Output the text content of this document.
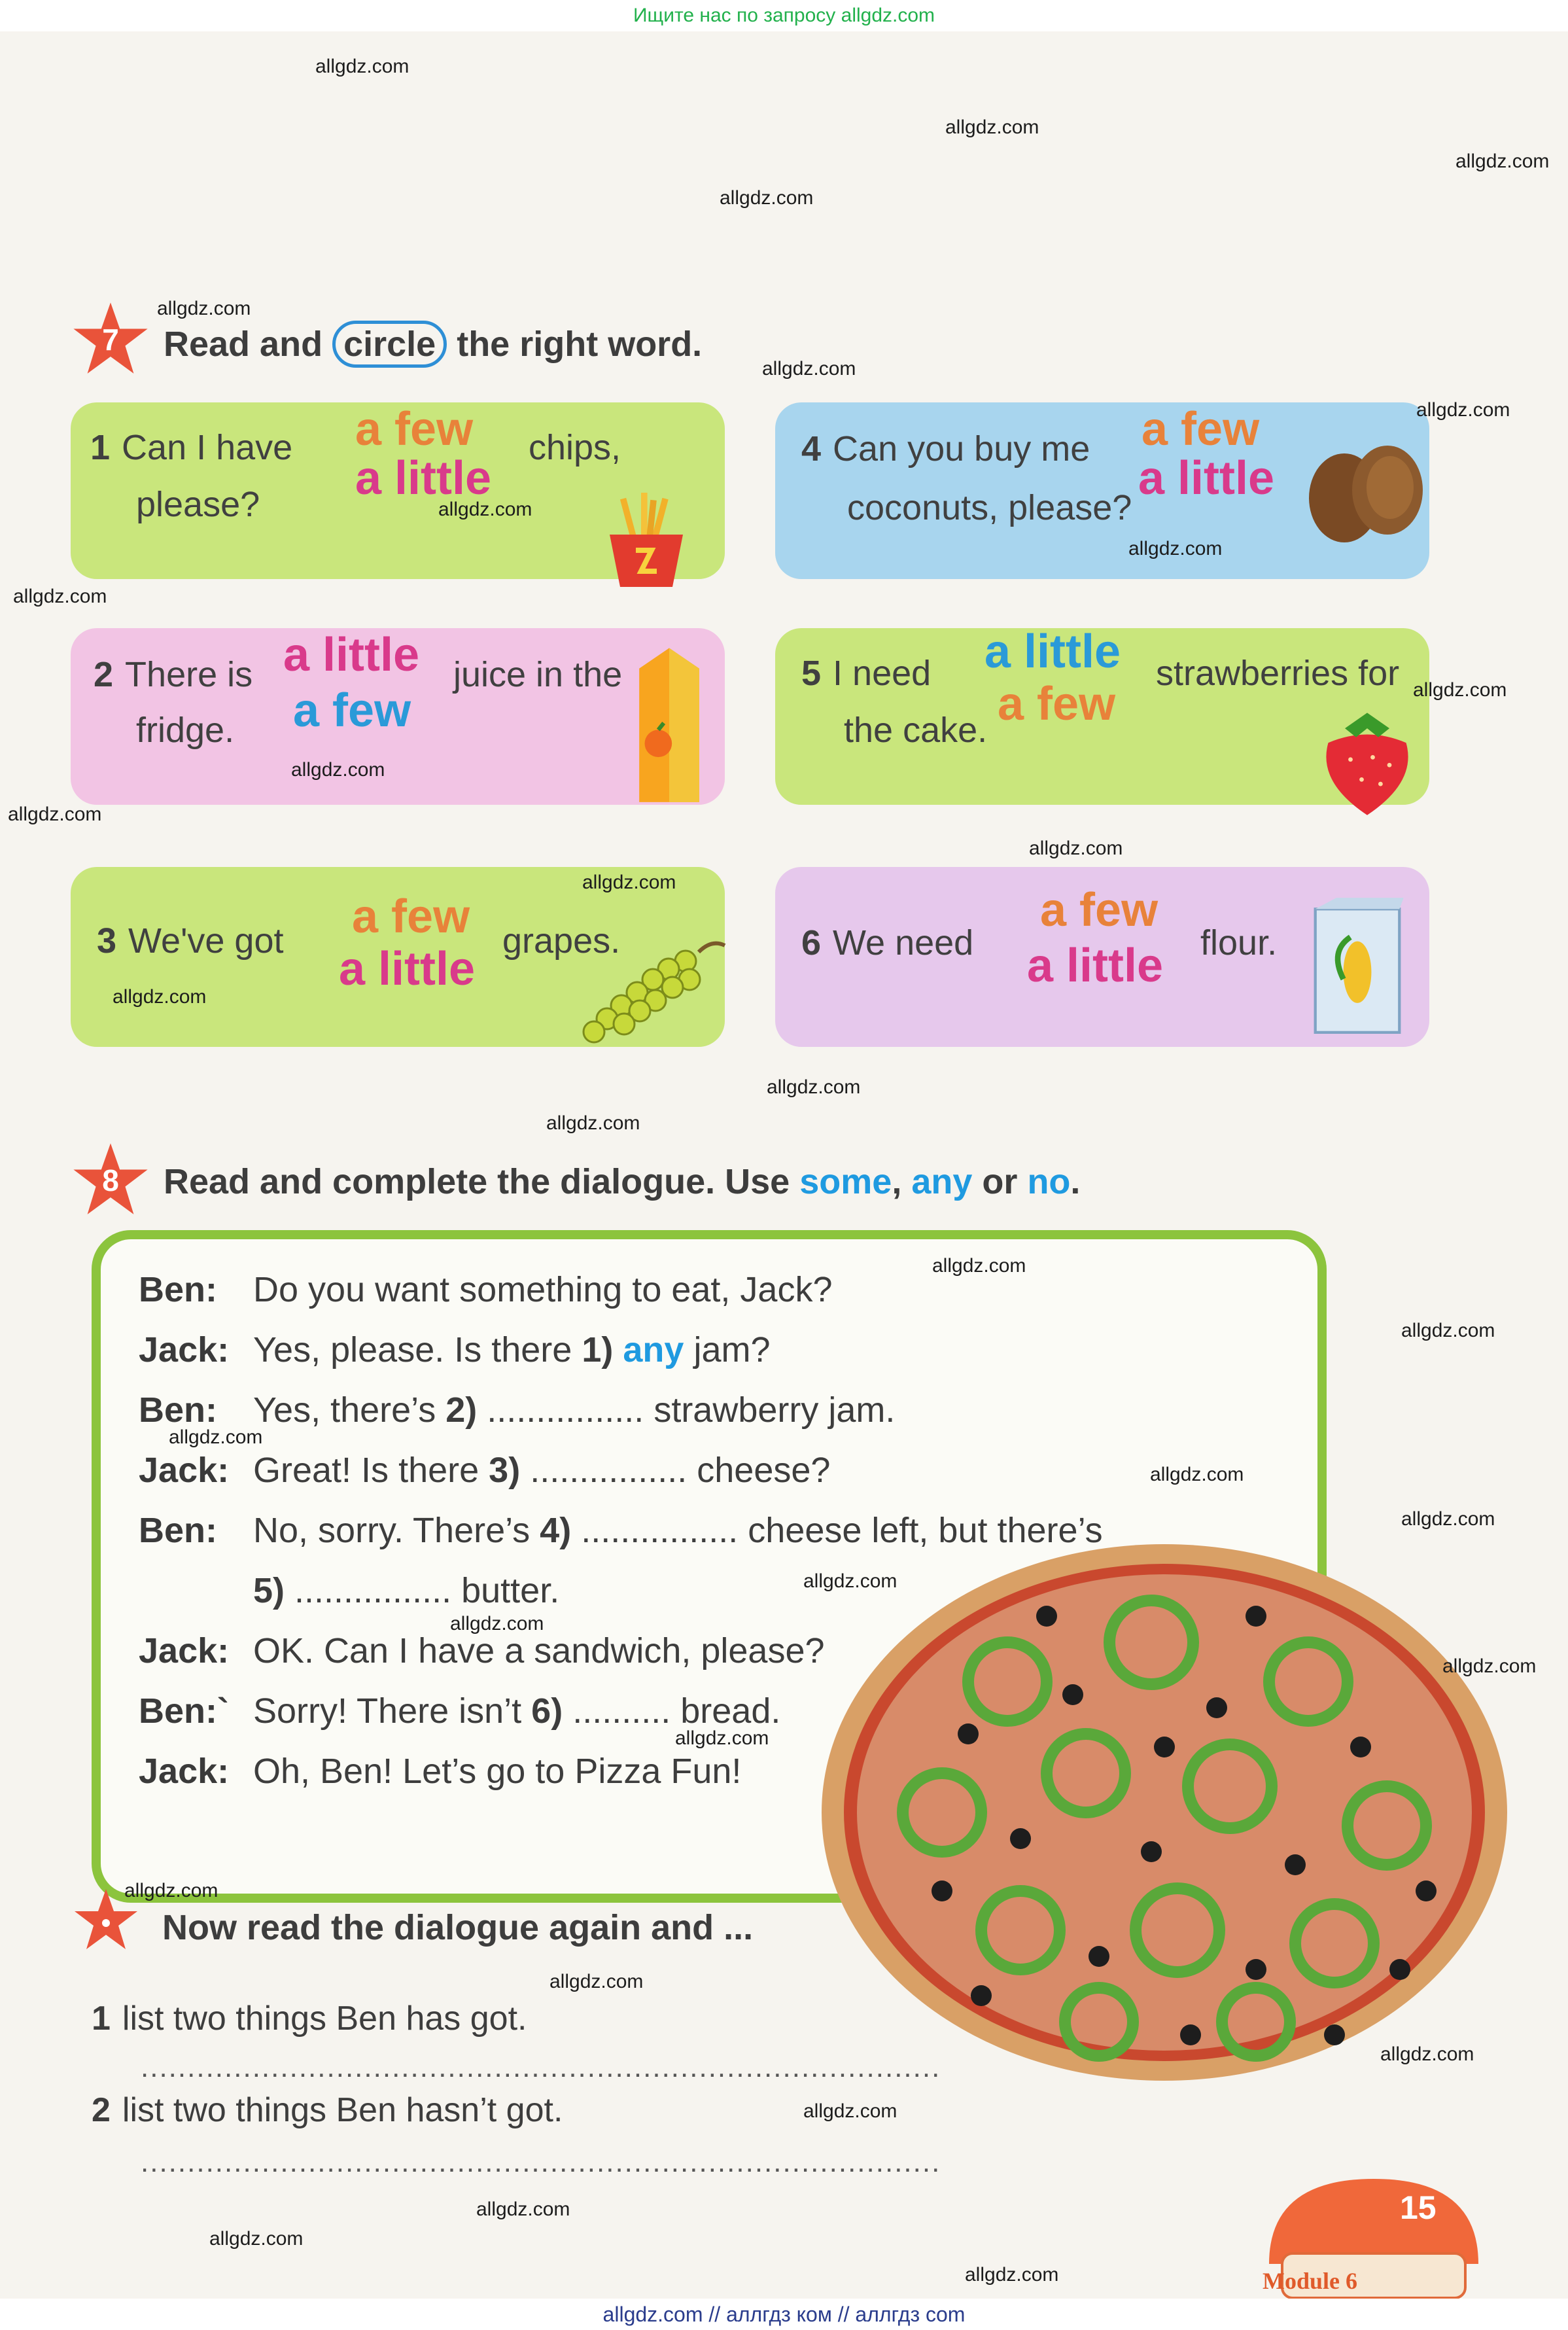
Ищите нас по запросу allgdz.com
7	Read and circle the right word.
1 Can I have
please?
chips,
a few
a little
2 There is
fridge.
juice in the
a little
a few
3 We've got	grapes.
a few
a little
4 Can you buy me
coconuts, please?
a few
a little
5 I need
the cake.
strawberries for
a little
a few
6 We need	flour.
a few
a little
8	Read and complete the dialogue. Use some, any or no.
Ben: Do you want something to eat, Jack?
Jack: Yes, please. Is there 1) any jam?
Ben: Yes, there’s 2) ................ strawberry jam.
Jack: Great! Is there 3) ................ cheese?
Ben: No, sorry. There’s 4) ................ cheese left, but there’s
5) ................ butter.
Jack: OK. Can I have a sandwich, please?
Ben:` Sorry! There isn’t 6) .......... bread.
Jack: Oh, Ben! Let’s go to Pizza Fun!
Now read the dialogue again and ...
1 list two things Ben has got.
......................................................................................
2 list two things Ben hasn’t got.
......................................................................................
15
Module 6
allgdz.com
allgdz.com
allgdz.com
allgdz.com
allgdz.com
allgdz.com
allgdz.com
allgdz.com
allgdz.com
allgdz.com
allgdz.com
allgdz.com
allgdz.com
allgdz.com
allgdz.com
allgdz.com
allgdz.com
allgdz.com
allgdz.com
allgdz.com
allgdz.com
allgdz.com
allgdz.com
allgdz.com
allgdz.com
allgdz.com
allgdz.com
allgdz.com
allgdz.com
allgdz.com
allgdz.com
allgdz.com
allgdz.com
allgdz.com
allgdz.com // аллгдз ком // аллгдз com
